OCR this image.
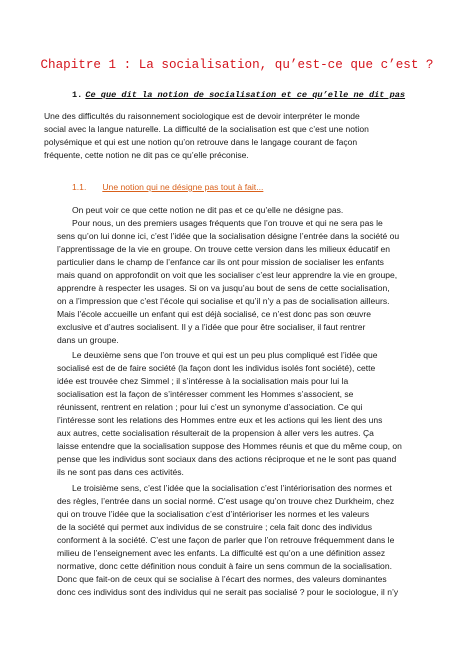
Chapitre 1 : La socialisation, qu’est-ce que c’est ?
1. Ce que dit la notion de socialisation et ce qu’elle ne dit pas
Une des difficultés du raisonnement sociologique est de devoir interpréter le monde
social avec la langue naturelle. La difficulté de la socialisation est que c’est une notion
polysémique et qui est une notion qu’on retrouve dans le langage courant de façon
fréquente, cette notion ne dit pas ce qu’elle préconise.
1.1. Une notion qui ne désigne pas tout à fait...
On peut voir ce que cette notion ne dit pas et ce qu’elle ne désigne pas.
Pour nous, un des premiers usages fréquents que l’on trouve et qui ne sera pas le
sens qu’on lui donne ici, c’est l’idée que la socialisation désigne l’entrée dans la société ou
l’apprentissage de la vie en groupe. On trouve cette version dans les milieux éducatif en
particulier dans le champ de l’enfance car ils ont pour mission de socialiser les enfants
mais quand on approfondit on voit que les socialiser c’est leur apprendre la vie en groupe,
apprendre à respecter les usages. Si on va jusqu’au bout de sens de cette socialisation,
on a l’impression que c’est l’école qui socialise et qu’il n’y a pas de socialisation ailleurs.
Mais l’école accueille un enfant qui est déjà socialisé, ce n’est donc pas son œuvre
exclusive et d’autres socialisent. Il y a l’idée que pour être socialiser, il faut rentrer
dans un groupe.
Le deuxième sens que l’on trouve et qui est un peu plus compliqué est l’idée que
socialisé est de de faire société (la façon dont les individus isolés font société), cette
idée est trouvée chez Simmel ; il s’intéresse à la socialisation mais pour lui la
socialisation est la façon de s’intéresser comment les Hommes s’associent, se
réunissent, rentrent en relation ; pour lui c’est un synonyme d’association. Ce qui
l’intéresse sont les relations des Hommes entre eux et les actions qui les lient des uns
aux autres, cette socialisation résulterait de la propension à aller vers les autres. Ça
laisse entendre que la socialisation suppose des Hommes réunis et que du même coup, on
pense que les individus sont sociaux dans des actions réciproque et ne le sont pas quand
ils ne sont pas dans ces activités.
Le troisième sens, c’est l’idée que la socialisation c’est l’intériorisation des normes et
des règles, l’entrée dans un social normé. C’est usage qu’on trouve chez Durkheim, chez
qui on trouve l’idée que la socialisation c’est d’intérioriser les normes et les valeurs
de la société qui permet aux individus de se construire ; cela fait donc des individus
conforment à la société. C’est une façon de parler que l’on retrouve fréquemment dans le
milieu de l’enseignement avec les enfants. La difficulté est qu’on a une définition assez
normative, donc cette définition nous conduit à faire un sens commun de la socialisation.
Donc que fait-on de ceux qui se socialise à l’écart des normes, des valeurs dominantes
donc ces individus sont des individus qui ne serait pas socialisé ? pour le sociologue, il n’y
